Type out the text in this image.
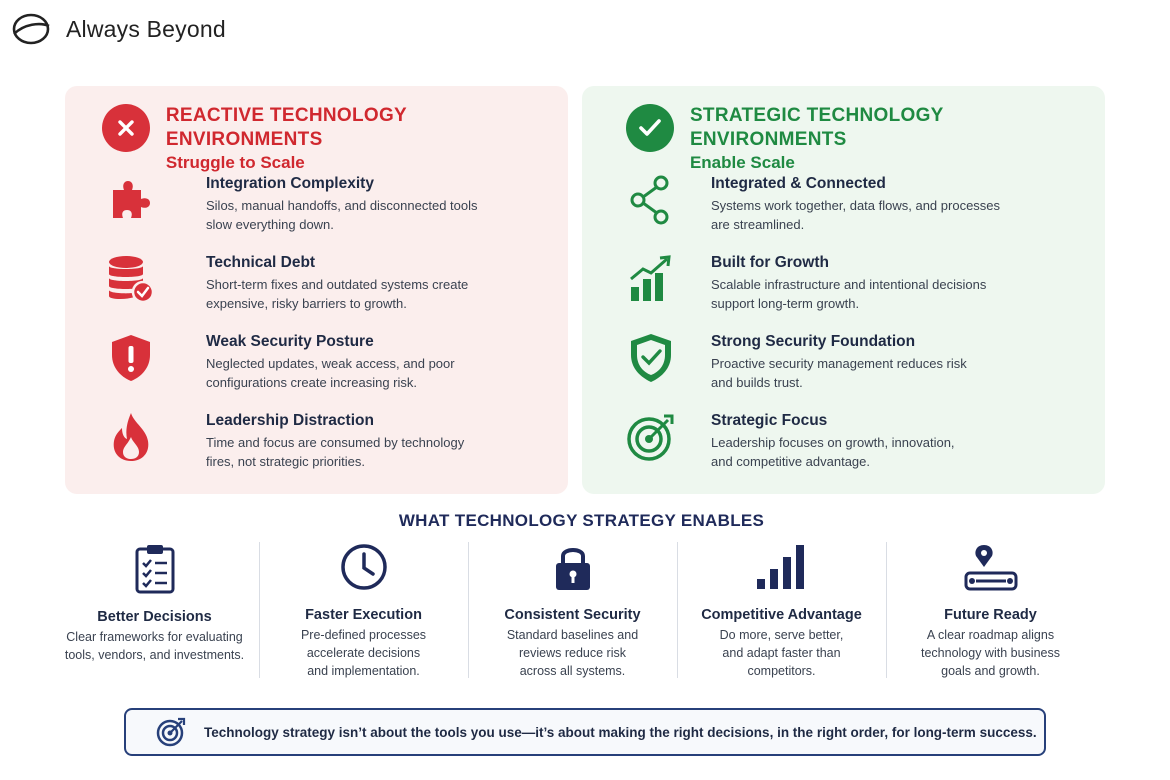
Always Beyond
REACTIVE TECHNOLOGY ENVIRONMENTS
Struggle to Scale
Integration Complexity
Silos, manual handoffs, and disconnected tools
slow everything down.
Technical Debt
Short-term fixes and outdated systems create
expensive, risky barriers to growth.
Weak Security Posture
Neglected updates, weak access, and poor
configurations create increasing risk.
Leadership Distraction
Time and focus are consumed by technology
fires, not strategic priorities.
STRATEGIC TECHNOLOGY ENVIRONMENTS
Enable Scale
Integrated & Connected
Systems work together, data flows, and processes
are streamlined.
Built for Growth
Scalable infrastructure and intentional decisions
support long-term growth.
Strong Security Foundation
Proactive security management reduces risk
and builds trust.
Strategic Focus
Leadership focuses on growth, innovation,
and competitive advantage.
WHAT TECHNOLOGY STRATEGY ENABLES
Better Decisions
Clear frameworks for evaluating
tools, vendors, and investments.
Faster Execution
Pre-defined processes
accelerate decisions
and implementation.
Consistent Security
Standard baselines and
reviews reduce risk
across all systems.
Competitive Advantage
Do more, serve better,
and adapt faster than
competitors.
Future Ready
A clear roadmap aligns
technology with business
goals and growth.
Technology strategy isn’t about the tools you use—it’s about making the right decisions, in the right order, for long-term success.
